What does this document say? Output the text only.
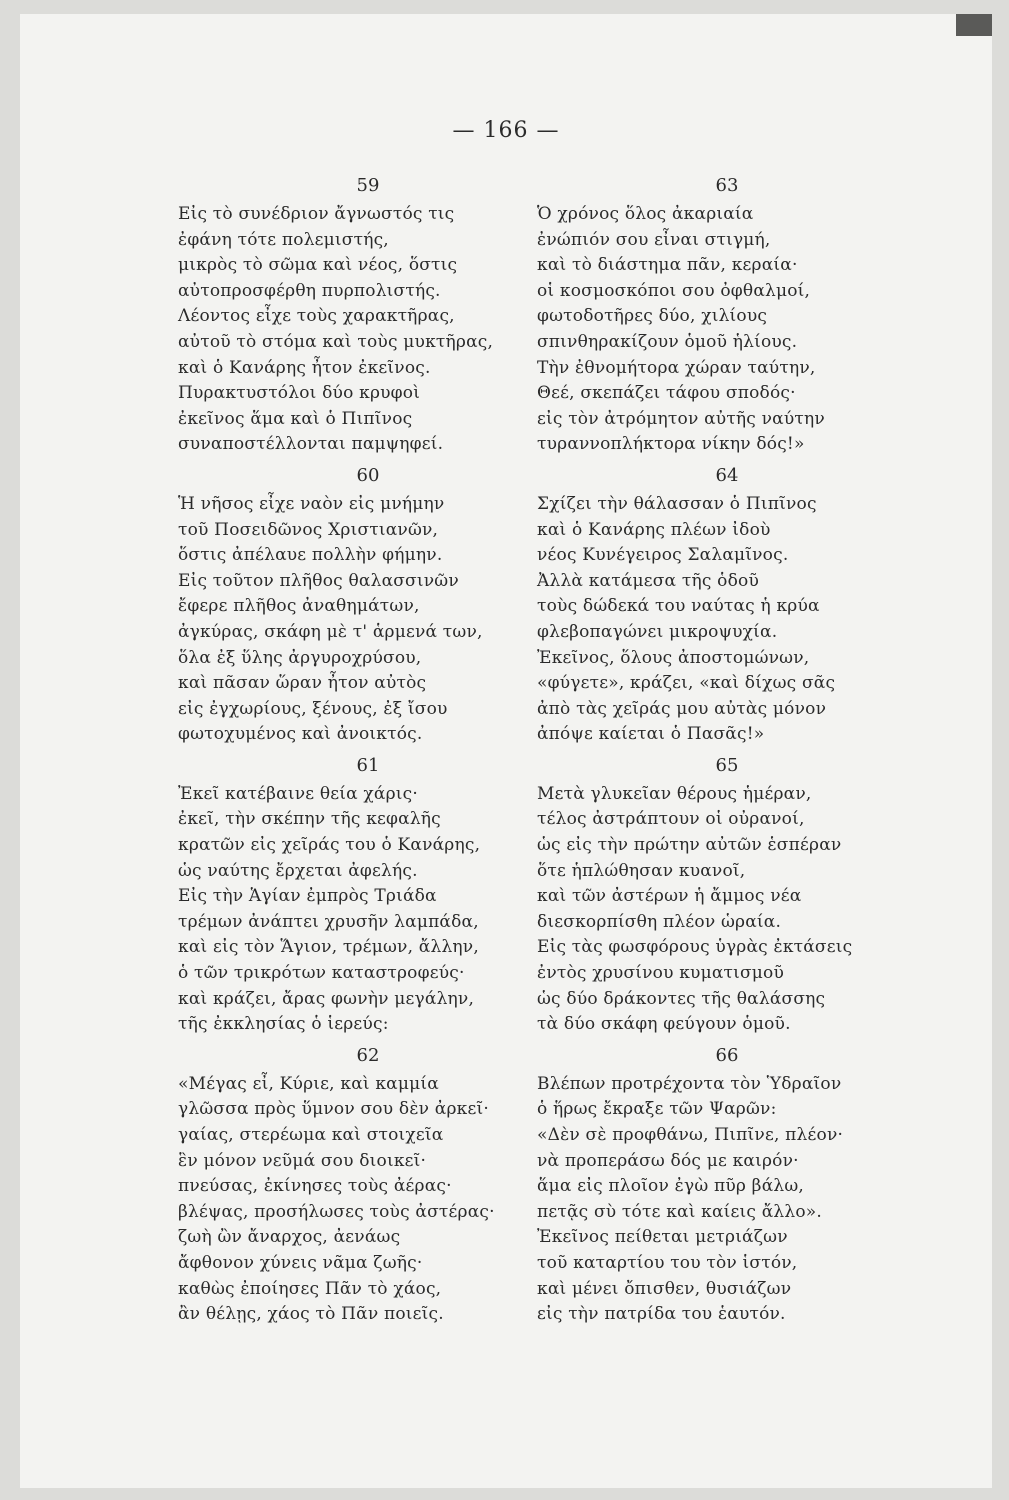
— 166 —
59
Εἰς τὸ συνέδριον ἄγνωστός τις
ἐφάνη τότε πολεμιστής,
μικρὸς τὸ σῶμα καὶ νέος, ὅστις
αὐτοπροσφέρθη πυρπολιστής.
Λέοντος εἶχε τοὺς χαρακτῆρας,
αὐτοῦ τὸ στόμα καὶ τοὺς μυκτῆρας,
καὶ ὁ Κανάρης ἦτον ἐκεῖνος.
Πυρακτυστόλοι δύο κρυφοὶ
ἐκεῖνος ἅμα καὶ ὁ Πιπῖνος
συναποστέλλονται παμψηφεί.
60
Ἡ νῆσος εἶχε ναὸν εἰς μνήμην
τοῦ Ποσειδῶνος Χριστιανῶν,
ὅστις ἀπέλαυε πολλὴν φήμην.
Εἰς τοῦτον πλῆθος θαλασσινῶν
ἔφερε πλῆθος ἀναθημάτων,
ἀγκύρας, σκάφη μὲ τ' ἁρμενά των,
ὅλα ἐξ ὕλης ἀργυροχρύσου,
καὶ πᾶσαν ὥραν ἦτον αὐτὸς
εἰς ἐγχωρίους, ξένους, ἐξ ἴσου
φωτοχυμένος καὶ ἀνοικτός.
61
Ἐκεῖ κατέβαινε θεία χάρις·
ἐκεῖ, τὴν σκέπην τῆς κεφαλῆς
κρατῶν εἰς χεῖράς του ὁ Κανάρης,
ὡς ναύτης ἔρχεται ἀφελής.
Εἰς τὴν Ἁγίαν ἐμπρὸς Τριάδα
τρέμων ἀνάπτει χρυσῆν λαμπάδα,
καὶ εἰς τὸν Ἅγιον, τρέμων, ἄλλην,
ὁ τῶν τρικρότων καταστροφεύς·
καὶ κράζει, ἄρας φωνὴν μεγάλην,
τῆς ἐκκλησίας ὁ ἱερεύς:
62
«Μέγας εἶ, Κύριε, καὶ καμμία
γλῶσσα πρὸς ὕμνον σου δὲν ἀρκεῖ·
γαίας, στερέωμα καὶ στοιχεῖα
ἓν μόνον νεῦμά σου διοικεῖ·
πνεύσας, ἐκίνησες τοὺς ἀέρας·
βλέψας, προσήλωσες τοὺς ἀστέρας·
ζωὴ ὢν ἄναρχος, ἀενάως
ἄφθονον χύνεις νᾶμα ζωῆς·
καθὼς ἐποίησες Πᾶν τὸ χάος,
ἂν θέλῃς, χάος τὸ Πᾶν ποιεῖς.
63
Ὁ χρόνος ὅλος ἀκαριαία
ἐνώπιόν σου εἶναι στιγμή,
καὶ τὸ διάστημα πᾶν, κεραία·
οἱ κοσμοσκόποι σου ὀφθαλμοί,
φωτοδοτῆρες δύο, χιλίους
σπινθηρακίζουν ὁμοῦ ἡλίους.
Τὴν ἐθνομήτορα χώραν ταύτην,
Θεέ, σκεπάζει τάφου σποδός·
εἰς τὸν ἀτρόμητον αὐτῆς ναύτην
τυραννοπλήκτορα νίκην δός!»
64
Σχίζει τὴν θάλασσαν ὁ Πιπῖνος
καὶ ὁ Κανάρης πλέων ἰδοὺ
νέος Κυνέγειρος Σαλαμῖνος.
Ἀλλὰ κατάμεσα τῆς ὁδοῦ
τοὺς δώδεκά του ναύτας ἡ κρύα
φλεβοπαγώνει μικροψυχία.
Ἐκεῖνος, ὅλους ἀποστομώνων,
«φύγετε», κράζει, «καὶ δίχως σᾶς
ἀπὸ τὰς χεῖράς μου αὐτὰς μόνον
ἀπόψε καίεται ὁ Πασᾶς!»
65
Μετὰ γλυκεῖαν θέρους ἡμέραν,
τέλος ἀστράπτουν οἱ οὐρανοί,
ὡς εἰς τὴν πρώτην αὐτῶν ἑσπέραν
ὅτε ἡπλώθησαν κυανοῖ,
καὶ τῶν ἀστέρων ἡ ἄμμος νέα
διεσκορπίσθη πλέον ὡραία.
Εἰς τὰς φωσφόρους ὑγρὰς ἐκτάσεις
ἐντὸς χρυσίνου κυματισμοῦ
ὡς δύο δράκοντες τῆς θαλάσσης
τὰ δύο σκάφη φεύγουν ὁμοῦ.
66
Βλέπων προτρέχοντα τὸν Ὑδραῖον
ὁ ἥρως ἔκραξε τῶν Ψαρῶν:
«Δὲν σὲ προφθάνω, Πιπῖνε, πλέον·
νὰ προπεράσω δός με καιρόν·
ἅμα εἰς πλοῖον ἐγὼ πῦρ βάλω,
πετᾷς σὺ τότε καὶ καίεις ἄλλο».
Ἐκεῖνος πείθεται μετριάζων
τοῦ καταρτίου του τὸν ἱστόν,
καὶ μένει ὄπισθεν, θυσιάζων
εἰς τὴν πατρίδα του ἑαυτόν.
